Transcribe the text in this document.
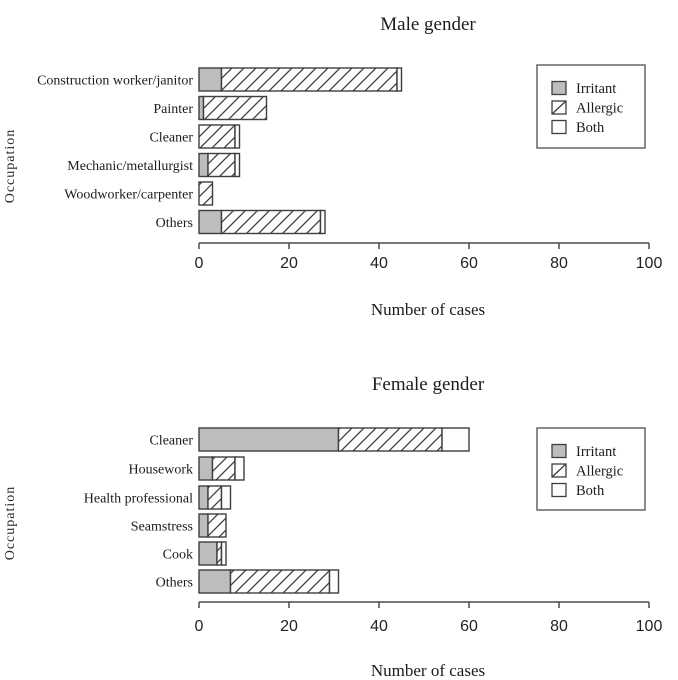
Male gender
Number of cases
Occupation
Construction worker/janitor
Painter
Cleaner
Mechanic/metallurgist
Woodworker/carpenter
Others
0	20	40	60	80	100
Irritant
Allergic
Both
Female gender
Number of cases
Occupation
Cleaner
Housework
Health professional
Seamstress
Cook
Others
0	20	40	60	80	100
Irritant
Allergic
Both
